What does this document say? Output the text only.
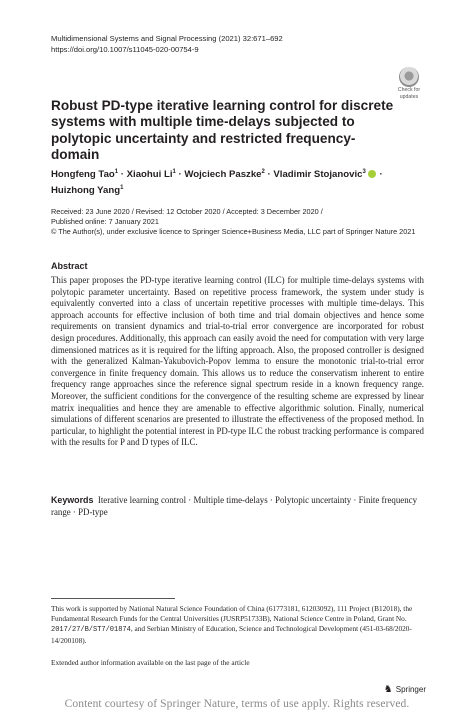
Multidimensional Systems and Signal Processing (2021) 32:671–692
https://doi.org/10.1007/s11045-020-00754-9
Check for
updates
Robust PD-type iterative learning control for discrete systems with multiple time-delays subjected to polytopic uncertainty and restricted frequency-domain
Hongfeng Tao$^1$ · Xiaohui $Li^1$ · Wojciech Paszke$^2$ · Vladimir Stojanovic$^3$ ·
Huizhong Yang$^1$
Received: 23 June 2020 / Revised: 12 October 2020 / Accepted: 3 December 2020 /
Published online: 7 January 2021
© The Author(s), under exclusive licence to Springer Science+Business Media, LLC part of Springer Nature 2021
Abstract
This paper proposes the PD-type iterative learning control (ILC) for multiple time-delays systems with polytopic parameter uncertainty. Based on repetitive process framework, the system under study is equivalently converted into a class of uncertain repetitive processes with multiple time-delays. This approach accounts for effective inclusion of both time and trial domain objectives and hence some requirements on transient dynamics and trial-to-trial error convergence are incorporated for robust design procedures. Additionally, this approach can easily avoid the need for computation with very large dimensioned matrices as it is required for the lifting approach. Also, the proposed controller is designed with the generalized Kalman-Yakubovich-Popov lemma to ensure the monotonic trial-to-trial error convergence in finite frequency domain. This allows us to reduce the conservatism inherent to entire frequency range approaches since the reference signal spectrum reside in a known frequency range. Moreover, the sufficient conditions for the convergence of the resulting scheme are expressed by linear matrix inequalities and hence they are amenable to effective algorithmic solution. Finally, numerical simulations of different scenarios are presented to illustrate the effectiveness of the proposed method. In particular, to highlight the potential interest in PD-type ILC the robust tracking performance is compared with the results for P and D types of ILC.
Keywords Iterative learning control · Multiple time-delays · Polytopic uncertainty · Finite frequency range · PD-type
This work is supported by National Natural Science Foundation of China (61773181, 61203092), 111 Project (B12018), the Fundamental Research Funds for the Central Universities (JUSRP51733B), National Science Centre in Poland, Grant No. 2017/27/B/ST7/01874, and Serbian Ministry of Education, Science and Technological Development (451-03-68/2020-14/200108).
Extended author information available on the last page of the article
♞ Springer
Content courtesy of Springer Nature, terms of use apply. Rights reserved.
